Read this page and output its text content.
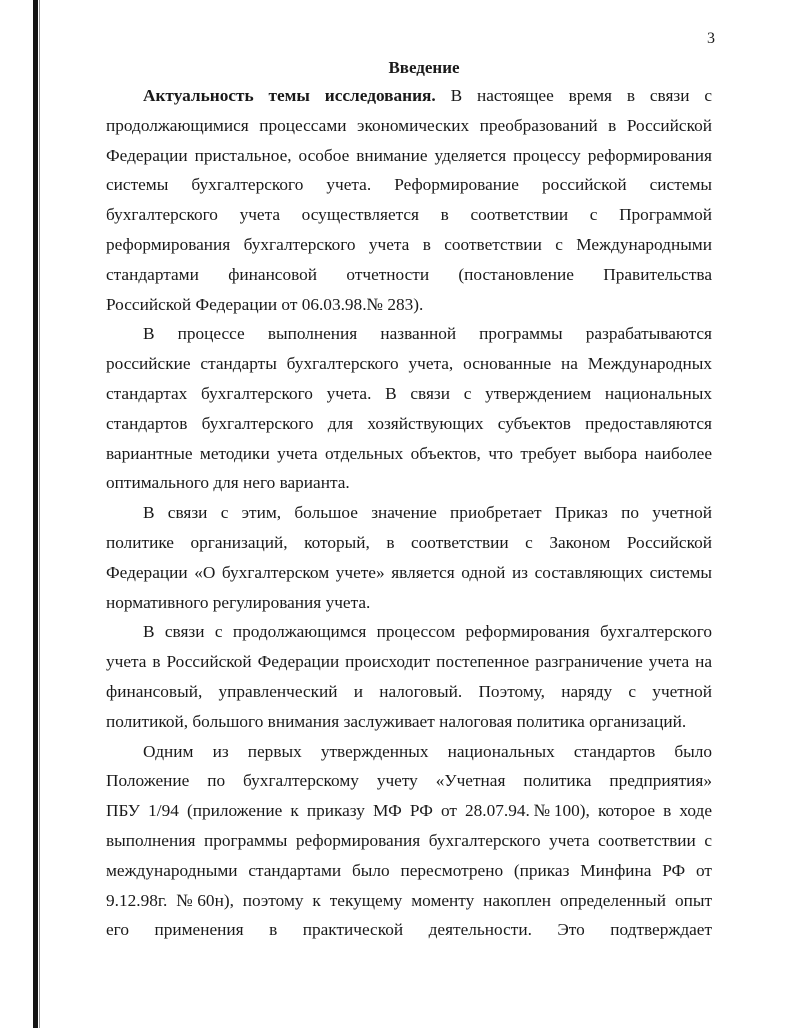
3
Введение
Актуальность темы исследования. В настоящее время в связи с
продолжающимися процессами экономических преобразований в Российской
Федерации пристальное, особое внимание уделяется процессу реформирования
системы бухгалтерского учета. Реформирование российской системы
бухгалтерского учета осуществляется в соответствии с Программой
реформирования бухгалтерского учета в соответствии с Международными
стандартами финансовой отчетности (постановление Правительства
Российской Федерации от 06.03.98.№ 283).
В процессе выполнения названной программы разрабатываются
российские стандарты бухгалтерского учета, основанные на Международных
стандартах бухгалтерского учета. В связи с утверждением национальных
стандартов бухгалтерского для хозяйствующих субъектов предоставляются
вариантные методики учета отдельных объектов, что требует выбора наиболее
оптимального для него варианта.
В связи с этим, большое значение приобретает Приказ по учетной
политике организаций, который, в соответствии с Законом Российской
Федерации «О бухгалтерском учете» является одной из составляющих системы
нормативного регулирования учета.
В связи с продолжающимся процессом реформирования бухгалтерского
учета в Российской Федерации происходит постепенное разграничение учета на
финансовый, управленческий и налоговый. Поэтому, наряду с учетной
политикой, большого внимания заслуживает налоговая политика организаций.
Одним из первых утвержденных национальных стандартов было
Положение по бухгалтерскому учету «Учетная политика предприятия»
ПБУ 1/94 (приложение к приказу МФ РФ от 28.07.94.№100), которое в ходе
выполнения программы реформирования бухгалтерского учета соответствии с
международными стандартами было пересмотрено (приказ Минфина РФ от
9.12.98г. №60н), поэтому к текущему моменту накоплен определенный опыт
его применения в практической деятельности. Это подтверждает
